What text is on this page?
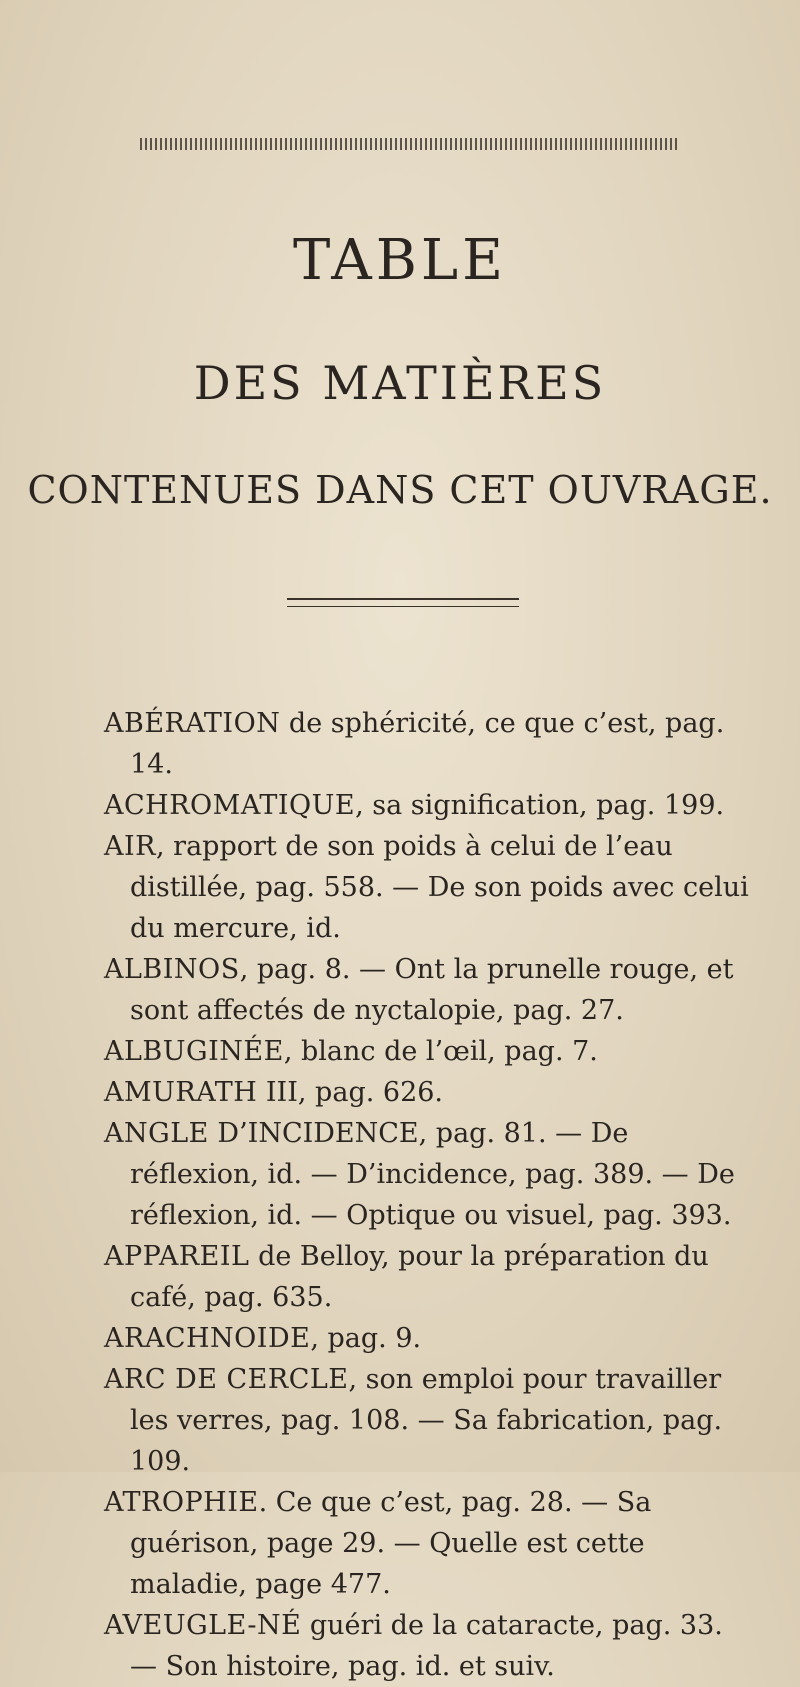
TABLE
DES MATIÈRES
CONTENUES DANS CET OUVRAGE.

ABÉRATION de sphéricité, ce que c’est, pag. 14.

ACHROMATIQUE, sa signification, pag. 199.

AIR, rapport de son poids à celui de l’eau distillée, pag. 558. — De son poids avec celui du mercure, id.

ALBINOS, pag. 8. — Ont la prunelle rouge, et sont affectés de nyctalopie, pag. 27.

ALBUGINÉE, blanc de l’œil, pag. 7.

AMURATH III, pag. 626.

ANGLE D’INCIDENCE, pag. 81. — De réflexion, id. — D’incidence, pag. 389. — De réflexion, id. — Optique ou visuel, pag. 393.

APPAREIL de Belloy, pour la préparation du café, pag. 635.

ARACHNOIDE, pag. 9.

ARC DE CERCLE, son emploi pour travailler les verres, pag. 108. — Sa fabrication, pag. 109.

ATROPHIE. Ce que c’est, pag. 28. — Sa guérison, page 29. — Quelle est cette maladie, page 477.

AVEUGLE-NÉ guéri de la cataracte, pag. 33. — Son histoire, pag. id. et suiv.
